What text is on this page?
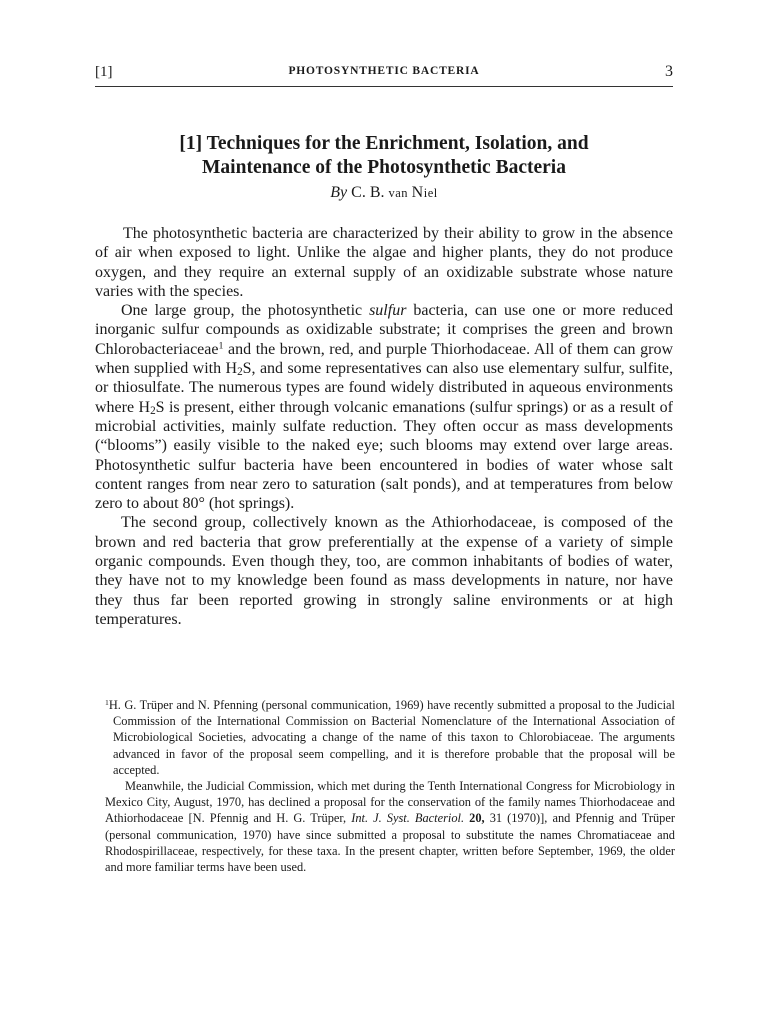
[1]	PHOTOSYNTHETIC BACTERIA	3
[1] Techniques for the Enrichment, Isolation, and
Maintenance of the Photosynthetic Bacteria
By C. B. van Niel

The photosynthetic bacteria are characterized by their ability to grow in the absence of air when exposed to light. Unlike the algae and higher plants, they do not produce oxygen, and they require an external supply of an oxidizable substrate whose nature varies with the species.

One large group, the photosynthetic sulfur bacteria, can use one or more reduced inorganic sulfur compounds as oxidizable substrate; it comprises the green and brown Chlorobacteriaceae$^1$ and the brown, red, and purple Thiorhodaceae. All of them can grow when supplied with $H_2S$, and some representatives can also use elementary sulfur, sulfite, or thiosulfate. The numerous types are found widely distributed in aqueous environments where $H_2S$ is present, either through volcanic emanations (sulfur springs) or as a result of microbial activities, mainly sulfate reduction. They often occur as mass developments (“blooms”) easily visible to the naked eye; such blooms may extend over large areas. Photosynthetic sulfur bacteria have been encountered in bodies of water whose salt content ranges from near zero to saturation (salt ponds), and at temperatures from below zero to about 80° (hot springs).

The second group, collectively known as the Athiorhodaceae, is composed of the brown and red bacteria that grow preferentially at the expense of a variety of simple organic compounds. Even though they, too, are common inhabitants of bodies of water, they have not to my knowledge been found as mass developments in nature, nor have they thus far been reported growing in strongly saline environments or at high temperatures.

$^1$H. G. Trüper and N. Pfenning (personal communication, 1969) have recently submitted a proposal to the Judicial Commission of the International Commission on Bacterial Nomenclature of the International Association of Microbiological Societies, advocating a change of the name of this taxon to Chlorobiaceae. The arguments advanced in favor of the proposal seem compelling, and it is therefore probable that the proposal will be accepted.

Meanwhile, the Judicial Commission, which met during the Tenth International Congress for Microbiology in Mexico City, August, 1970, has declined a proposal for the conservation of the family names Thiorhodaceae and Athiorhodaceae [N. Pfennig and H. G. Trüper, Int. J. Syst. Bacteriol. 20, 31 (1970)], and Pfennig and Trüper (personal communication, 1970) have since submitted a proposal to substitute the names Chromatiaceae and Rhodospirillaceae, respectively, for these taxa. In the present chapter, written before September, 1969, the older and more familiar terms have been used.
